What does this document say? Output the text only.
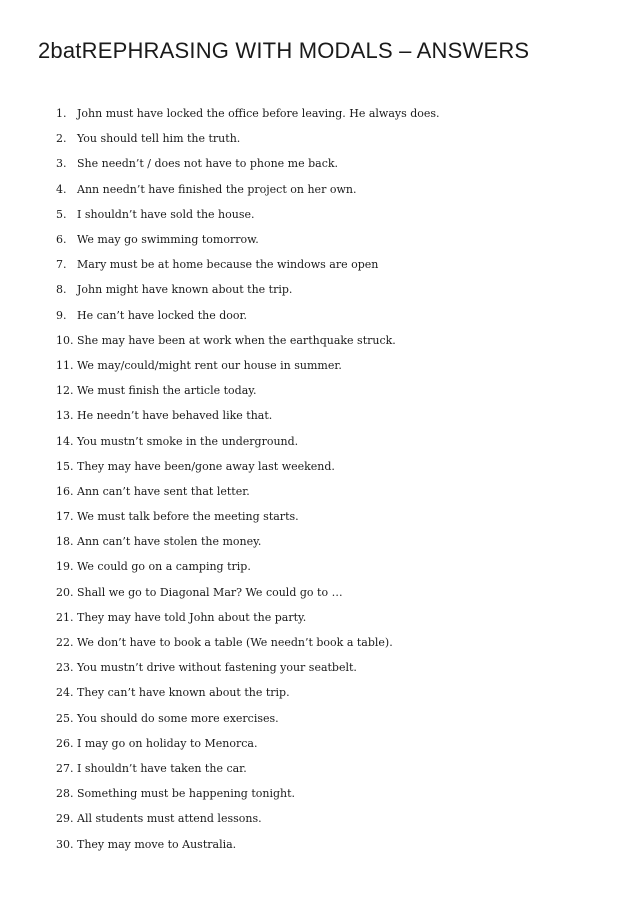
2batREPHRASING WITH MODALS – ANSWERS
1. John must have locked the office before leaving. He always does.
2. You should tell him the truth.
3. She needn’t / does not have to phone me back.
4. Ann needn’t have finished the project on her own.
5. I shouldn’t have sold the house.
6. We may go swimming tomorrow.
7. Mary must be at home because the windows are open
8. John might have known about the trip.
9. He can’t have locked the door.
10. She may have been at work when the earthquake struck.
11. We may/could/might rent our house in summer.
12. We must finish the article today.
13. He needn’t have behaved like that.
14. You mustn’t smoke in the underground.
15. They may have been/gone away last weekend.
16. Ann can’t have sent that letter.
17. We must talk before the meeting starts.
18. Ann can’t have stolen the money.
19. We could go on a camping trip.
20. Shall we go to Diagonal Mar? We could go to …
21. They may have told John about the party.
22. We don’t have to book a table (We needn’t book a table).
23. You mustn’t drive without fastening your seatbelt.
24. They can’t have known about the trip.
25. You should do some more exercises.
26. I may go on holiday to Menorca.
27. I shouldn’t have taken the car.
28. Something must be happening tonight.
29. All students must attend lessons.
30. They may move to Australia.
